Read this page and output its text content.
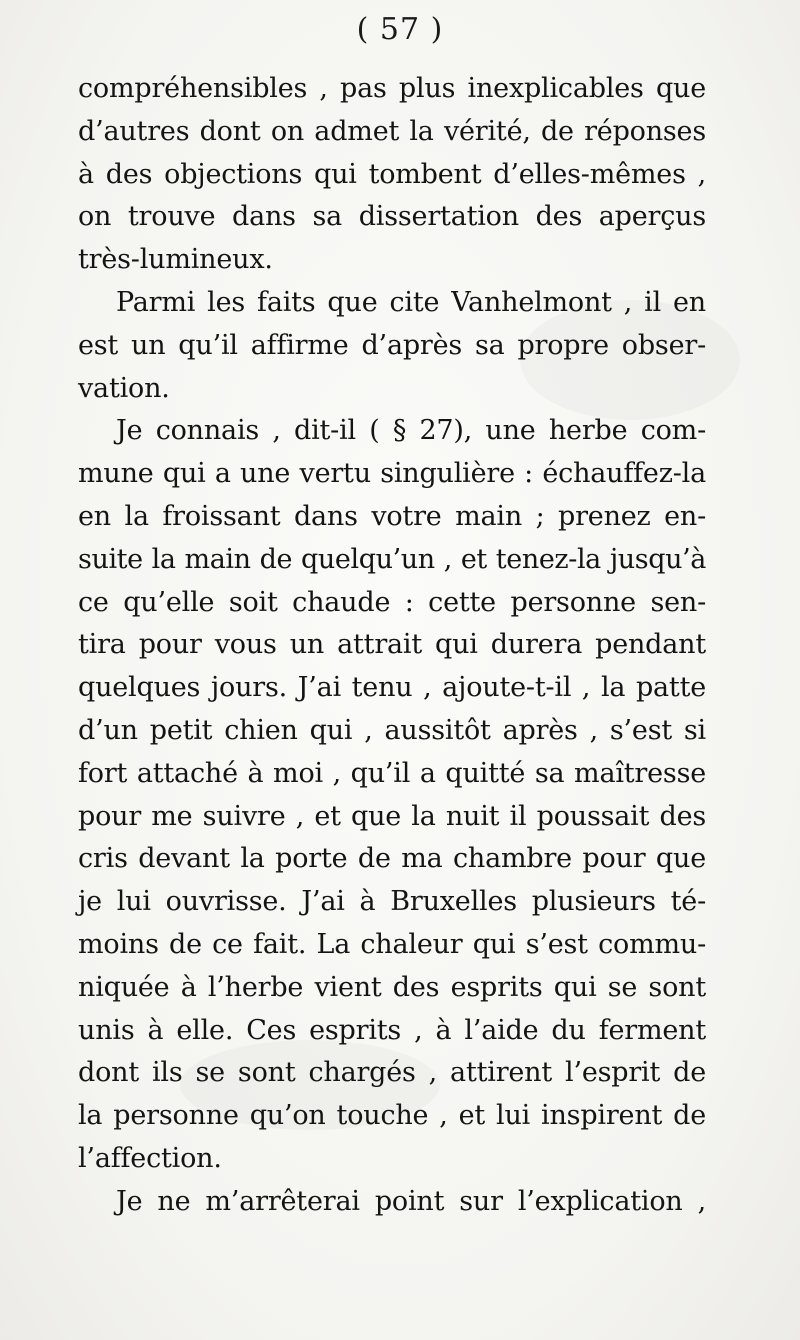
( 57 )
compréhensibles , pas plus inexplicables que
d’autres dont on admet la vérité, de réponses
à des objections qui tombent d’elles-mêmes ,
on trouve dans sa dissertation des aperçus
très-lumineux.
Parmi les faits que cite Vanhelmont , il en
est un qu’il affirme d’après sa propre obser-
vation.
Je connais , dit-il ( § 27), une herbe com-
mune qui a une vertu singulière : échauffez-la
en la froissant dans votre main ; prenez en-
suite la main de quelqu’un , et tenez-la jusqu’à
ce qu’elle soit chaude : cette personne sen-
tira pour vous un attrait qui durera pendant
quelques jours. J’ai tenu , ajoute-t-il , la patte
d’un petit chien qui , aussitôt après , s’est si
fort attaché à moi , qu’il a quitté sa maîtresse
pour me suivre , et que la nuit il poussait des
cris devant la porte de ma chambre pour que
je lui ouvrisse. J’ai à Bruxelles plusieurs té-
moins de ce fait. La chaleur qui s’est commu-
niquée à l’herbe vient des esprits qui se sont
unis à elle. Ces esprits , à l’aide du ferment
dont ils se sont chargés , attirent l’esprit de
la personne qu’on touche , et lui inspirent de
l’affection.
Je ne m’arrêterai point sur l’explication ,
